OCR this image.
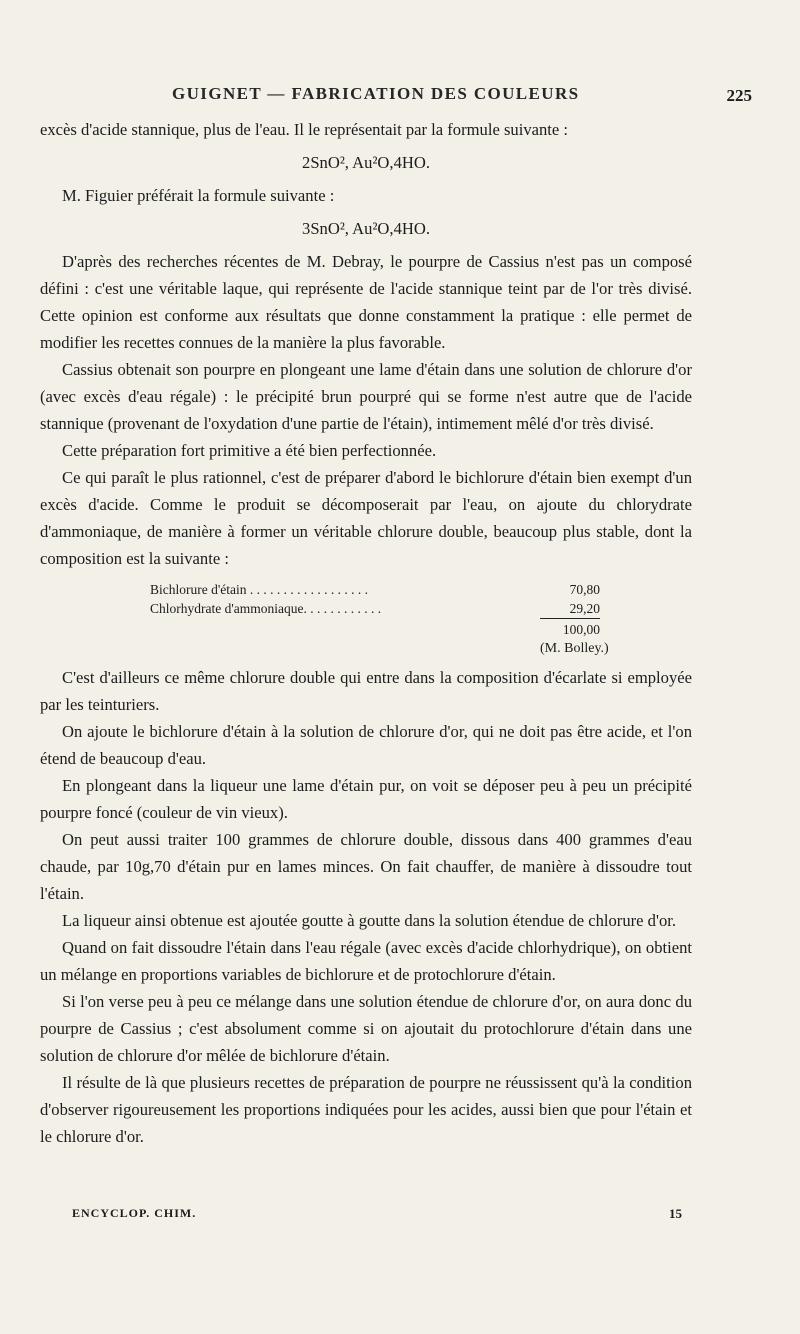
GUIGNET — FABRICATION DES COULEURS	225

excès d'acide stannique, plus de l'eau. Il le représentait par la formule suivante :

2SnO², Au²O,4HO.

M. Figuier préférait la formule suivante :

3SnO², Au²O,4HO.

D'après des recherches récentes de M. Debray, le pourpre de Cassius n'est pas un composé défini : c'est une véritable laque, qui représente de l'acide stannique teint par de l'or très divisé. Cette opinion est conforme aux résultats que donne constamment la pratique : elle permet de modifier les recettes connues de la manière la plus favorable.

Cassius obtenait son pourpre en plongeant une lame d'étain dans une solution de chlorure d'or (avec excès d'eau régale) : le précipité brun pourpré qui se forme n'est autre que de l'acide stannique (provenant de l'oxydation d'une partie de l'étain), intimement mêlé d'or très divisé.

Cette préparation fort primitive a été bien perfectionnée.

Ce qui paraît le plus rationnel, c'est de préparer d'abord le bichlorure d'étain bien exempt d'un excès d'acide. Comme le produit se décomposerait par l'eau, on ajoute du chlorydrate d'ammoniaque, de manière à former un véritable chlorure double, beaucoup plus stable, dont la composition est la suivante :

Bichlorure d'étain . . . . . . . . . . . . . . . . . .	70,80
Chlorhydrate d'ammoniaque. . . . . . . . . . . .	29,20
100,00
(M. Bolley.)

C'est d'ailleurs ce même chlorure double qui entre dans la composition d'écarlate si employée par les teinturiers.

On ajoute le bichlorure d'étain à la solution de chlorure d'or, qui ne doit pas être acide, et l'on étend de beaucoup d'eau.

En plongeant dans la liqueur une lame d'étain pur, on voit se déposer peu à peu un précipité pourpre foncé (couleur de vin vieux).

On peut aussi traiter 100 grammes de chlorure double, dissous dans 400 grammes d'eau chaude, par 10g,70 d'étain pur en lames minces. On fait chauffer, de manière à dissoudre tout l'étain.

La liqueur ainsi obtenue est ajoutée goutte à goutte dans la solution étendue de chlorure d'or.

Quand on fait dissoudre l'étain dans l'eau régale (avec excès d'acide chlorhydrique), on obtient un mélange en proportions variables de bichlorure et de protochlorure d'étain.

Si l'on verse peu à peu ce mélange dans une solution étendue de chlorure d'or, on aura donc du pourpre de Cassius ; c'est absolument comme si on ajoutait du protochlorure d'étain dans une solution de chlorure d'or mêlée de bichlorure d'étain.

Il résulte de là que plusieurs recettes de préparation de pourpre ne réussissent qu'à la condition d'observer rigoureusement les proportions indiquées pour les acides, aussi bien que pour l'étain et le chlorure d'or.

ENCYCLOP. CHIM.	15
